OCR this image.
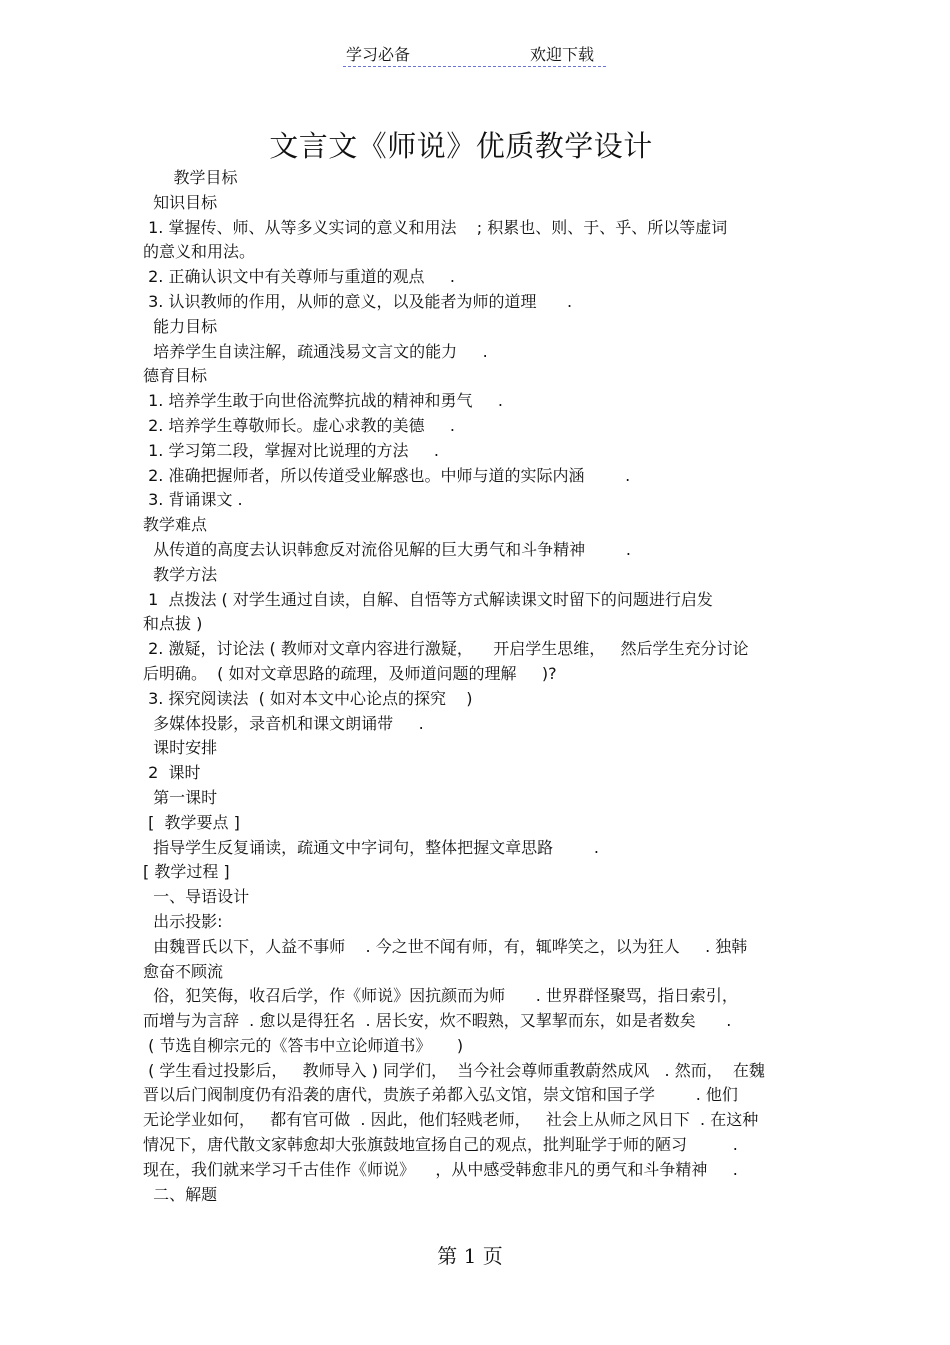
学习必备	欢迎下载
文言文《师说》优质教学设计
教学目标
知识目标
1. 掌握传、师、从等多义实词的意义和用法    ; 积累也、则、于、乎、所以等虚词
的意义和用法。
2. 正确认识文中有关尊师与重道的观点     .
3. 认识教师的作用，从师的意义，以及能者为师的道理      .
能力目标
培养学生自读注解，疏通浅易文言文的能力     .
德育目标
1. 培养学生敢于向世俗流弊抗战的精神和勇气     .
2. 培养学生尊敬师长。虚心求教的美德     .
1. 学习第二段，掌握对比说理的方法     .
2. 准确把握师者，所以传道受业解惑也。中师与道的实际内涵        .
3. 背诵课文 .
教学难点
从传道的高度去认识韩愈反对流俗见解的巨大勇气和斗争精神        .
教学方法
1  点拨法 ( 对学生通过自读，自解、自悟等方式解读课文时留下的问题进行启发
和点拔 )
2. 激疑，讨论法 ( 教师对文章内容进行激疑，    开启学生思维，   然后学生充分讨论
后明确。  ( 如对文章思路的疏理，及师道问题的理解     )?
3. 探究阅读法  ( 如对本文中心论点的探究    )
多媒体投影，录音机和课文朗诵带     .
课时安排
2  课时
第一课时
[  教学要点 ]
指导学生反复诵读，疏通文中字词句，整体把握文章思路        .
[ 教学过程 ]
一、导语设计
出示投影:
由魏晋氏以下，人益不事师    . 今之世不闻有师，有，辄哗笑之，以为狂人     . 独韩
愈奋不顾流
俗，犯笑侮，收召后学，作《师说》因抗颜而为师      . 世界群怪聚骂，指日索引，
而增与为言辞  . 愈以是得狂名  . 居长安，炊不暇熟，又挈挈而东，如是者数矣      .
( 节选自柳宗元的《答韦中立论师道书》     )
( 学生看过投影后，   教师导入 ) 同学们，  当今社会尊师重教蔚然成风   . 然而，  在魏
晋以后门阀制度仍有沿袭的唐代，贵族子弟都入弘文馆，崇文馆和国子学        . 他们
无论学业如何，   都有官可做  . 因此，他们轻贱老师，   社会上从师之风日下  . 在这种
情况下，唐代散文家韩愈却大张旗鼓地宣扬自己的观点，批判耻学于师的陋习         .
现在，我们就来学习千古佳作《师说》    ，从中感受韩愈非凡的勇气和斗争精神     .
二、解题
第 1 页
